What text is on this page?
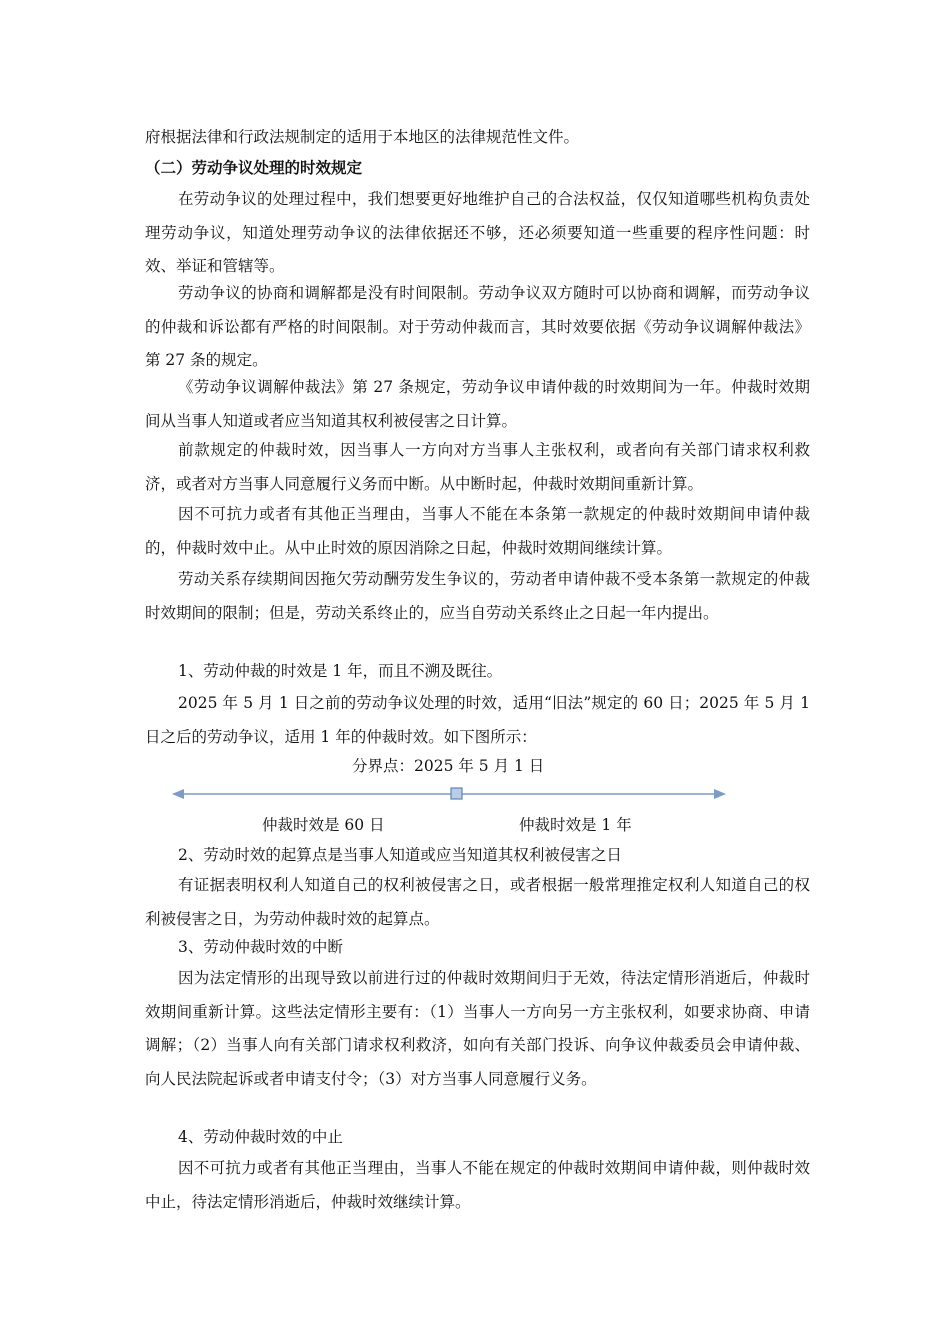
府根据法律和行政法规制定的适用于本地区的法律规范性文件。

（二）劳动争议处理的时效规定

在劳动争议的处理过程中，我们想要更好地维护自己的合法权益，仅仅知道哪些机构负责处理劳动争议，知道处理劳动争议的法律依据还不够，还必须要知道一些重要的程序性问题：时效、举证和管辖等。

劳动争议的协商和调解都是没有时间限制。劳动争议双方随时可以协商和调解，而劳动争议的仲裁和诉讼都有严格的时间限制。对于劳动仲裁而言，其时效要依据《劳动争议调解仲裁法》第 27 条的规定。

《劳动争议调解仲裁法》第 27 条规定，劳动争议申请仲裁的时效期间为一年。仲裁时效期间从当事人知道或者应当知道其权利被侵害之日计算。

前款规定的仲裁时效，因当事人一方向对方当事人主张权利，或者向有关部门请求权利救济，或者对方当事人同意履行义务而中断。从中断时起，仲裁时效期间重新计算。

因不可抗力或者有其他正当理由，当事人不能在本条第一款规定的仲裁时效期间申请仲裁的，仲裁时效中止。从中止时效的原因消除之日起，仲裁时效期间继续计算。

劳动关系存续期间因拖欠劳动酬劳发生争议的，劳动者申请仲裁不受本条第一款规定的仲裁时效期间的限制；但是，劳动关系终止的，应当自劳动关系终止之日起一年内提出。

1、劳动仲裁的时效是 1 年，而且不溯及既往。

2025 年 5 月 1 日之前的劳动争议处理的时效，适用“旧法”规定的 60 日；2025 年 5 月 1 日之后的劳动争议，适用 1 年的仲裁时效。如下图所示：

分界点：2025 年 5 月 1 日
仲裁时效是 60 日	仲裁时效是 1 年

2、劳动时效的起算点是当事人知道或应当知道其权利被侵害之日

有证据表明权利人知道自己的权利被侵害之日，或者根据一般常理推定权利人知道自己的权利被侵害之日，为劳动仲裁时效的起算点。

3、劳动仲裁时效的中断

因为法定情形的出现导致以前进行过的仲裁时效期间归于无效，待法定情形消逝后，仲裁时效期间重新计算。这些法定情形主要有：（1）当事人一方向另一方主张权利，如要求协商、申请调解；（2）当事人向有关部门请求权利救济，如向有关部门投诉、向争议仲裁委员会申请仲裁、向人民法院起诉或者申请支付令；（3）对方当事人同意履行义务。

4、劳动仲裁时效的中止

因不可抗力或者有其他正当理由，当事人不能在规定的仲裁时效期间申请仲裁，则仲裁时效中止，待法定情形消逝后，仲裁时效继续计算。
